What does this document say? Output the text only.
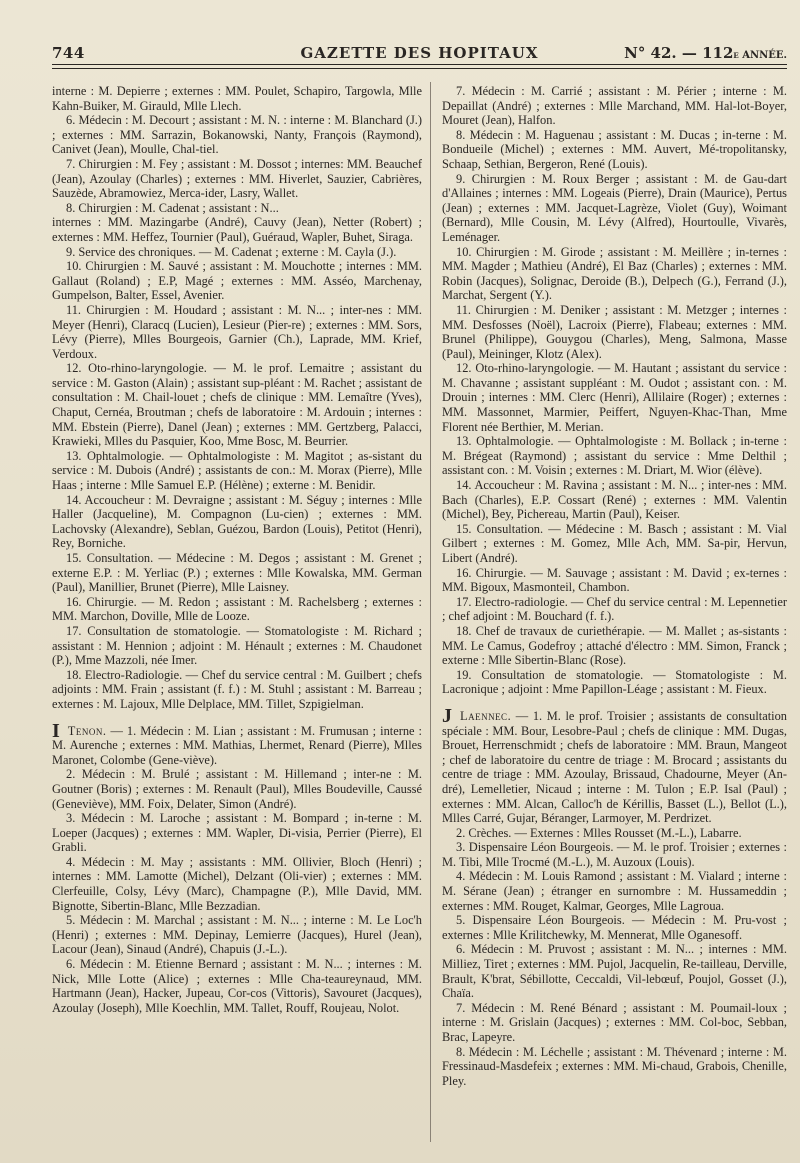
744	GAZETTE DES HOPITAUX	N° 42. — 112e ANNÉE.

interne : M. Depierre ; externes : MM. Poulet, Schapiro, Targowla, Mlle Kahn-Buiker, M. Girauld, Mlle Llech.

6. Médecin : M. Decourt ; assistant : M. N. : interne : M. Blanchard (J.) ; externes : MM. Sarrazin, Bokanowski, Nanty, François (Raymond), Canivet (Jean), Moulle, Chal-tiel.

7. Chirurgien : M. Fey ; assistant : M. Dossot ; internes: MM. Beauchef (Jean), Azoulay (Charles) ; externes : MM. Hiverlet, Sauzier, Cabrières, Sauzède, Abramowiez, Merca-ider, Lasry, Wallet.

8. Chirurgien : M. Cadenat ; assistant : N...

internes : MM. Mazingarbe (André), Cauvy (Jean), Netter (Robert) ; externes : MM. Heffez, Tournier (Paul), Guéraud, Wapler, Buhet, Siraga.

9. Service des chroniques. — M. Cadenat ; externe : M. Cayla (J.).

10. Chirurgien : M. Sauvé ; assistant : M. Mouchotte ; internes : MM. Gallaut (Roland) ; E.P, Magé ; externes : MM. Asséo, Marchenay, Gumpelson, Balter, Essel, Avenier.

11. Chirurgien : M. Houdard ; assistant : M. N... ; inter-nes : MM. Meyer (Henri), Claracq (Lucien), Lesieur (Pier-re) ; externes : MM. Sors, Lévy (Pierre), Mlles Bourgeois, Garnier (Ch.), Laprade, MM. Krief, Verdoux.

12. Oto-rhino-laryngologie. — M. le prof. Lemaitre ; assistant du service : M. Gaston (Alain) ; assistant sup-pléant : M. Rachet ; assistant de consultation : M. Chail-louet ; chefs de clinique : MM. Lemaître (Yves), Chaput, Cernéa, Broutman ; chefs de laboratoire : M. Ardouin ; internes : MM. Ebstein (Pierre), Danel (Jean) ; externes : MM. Gertzberg, Palacci, Krawieki, Mlles du Pasquier, Koo, Mme Bosc, M. Beurrier.

13. Ophtalmologie. — Ophtalmologiste : M. Magitot ; as-sistant du service : M. Dubois (André) ; assistants de con.: M. Morax (Pierre), Mlle Haas ; interne : Mlle Samuel E.P. (Hélène) ; externe : M. Benidir.

14. Accoucheur : M. Devraigne ; assistant : M. Séguy ; internes : Mlle Haller (Jacqueline), M. Compagnon (Lu-cien) ; externes : MM. Lachovsky (Alexandre), Seblan, Guézou, Bardon (Louis), Petitot (Henri), Rey, Borniche.

15. Consultation. — Médecine : M. Degos ; assistant : M. Grenet ; externe E.P. : M. Yerliac (P.) ; externes : Mlle Kowalska, MM. German (Paul), Manillier, Brunet (Pierre), Mlle Laisney.

16. Chirurgie. — M. Redon ; assistant : M. Rachelsberg ; externes : MM. Marchon, Doville, Mlle de Looze.

17. Consultation de stomatologie. — Stomatologiste : M. Richard ; assistant : M. Hennion ; adjoint : M. Hénault ; externes : M. Chaudonet (P.), Mme Mazzoli, née Imer.

18. Electro-Radiologie. — Chef du service central : M. Guilbert ; chefs adjoints : MM. Frain ; assistant (f. f.) : M. Stuhl ; assistant : M. Barreau ; externes : M. Lajoux, Mlle Delplace, MM. Tillet, Szpigielman.

I Tenon. — 1. Médecin : M. Lian ; assistant : M. Frumusan ; interne : M. Aurenche ; externes : MM. Mathias, Lhermet, Renard (Pierre), Mlles Maronet, Colombe (Gene-viève).

2. Médecin : M. Brulé ; assistant : M. Hillemand ; inter-ne : M. Goutner (Boris) ; externes : M. Renault (Paul), Mlles Boudeville, Caussé (Geneviève), MM. Foix, Delater, Simon (André).

3. Médecin : M. Laroche ; assistant : M. Bompard ; in-terne : M. Loeper (Jacques) ; externes : MM. Wapler, Di-visia, Perrier (Pierre), El Grabli.

4. Médecin : M. May ; assistants : MM. Ollivier, Bloch (Henri) ; internes : MM. Lamotte (Michel), Delzant (Oli-vier) ; externes : MM. Clerfeuille, Colsy, Lévy (Marc), Champagne (P.), Mlle David, MM. Bignotte, Sibertin-Blanc, Mlle Bezzadian.

5. Médecin : M. Marchal ; assistant : M. N... ; interne : M. Le Loc'h (Henri) ; externes : MM. Depinay, Lemierre (Jacques), Hurel (Jean), Lacour (Jean), Sinaud (André), Chapuis (J.-L.).

6. Médecin : M. Etienne Bernard ; assistant : M. N... ; internes : M. Nick, Mlle Lotte (Alice) ; externes : Mlle Cha-teaureynaud, MM. Hartmann (Jean), Hacker, Jupeau, Cor-cos (Vittoris), Savouret (Jacques), Azoulay (Joseph), Mlle Koechlin, MM. Tallet, Rouff, Roujeau, Nolot.

7. Médecin : M. Carrié ; assistant : M. Périer ; interne : M. Depaillat (André) ; externes : Mlle Marchand, MM. Hal-lot-Boyer, Mouret (Jean), Halfon.

8. Médecin : M. Haguenau ; assistant : M. Ducas ; in-terne : M. Bondueile (Michel) ; externes : MM. Auvert, Mé-tropolitansky, Schaap, Sethian, Bergeron, René (Louis).

9. Chirurgien : M. Roux Berger ; assistant : M. de Gau-dart d'Allaines ; internes : MM. Logeais (Pierre), Drain (Maurice), Pertus (Jean) ; externes : MM. Jacquet-Lagrèze, Violet (Guy), Woimant (Bernard), Mlle Cousin, M. Lévy (Alfred), Hourtoulle, Vivarès, Leménager.

10. Chirurgien : M. Girode ; assistant : M. Meillère ; in-ternes : MM. Magder ; Mathieu (André), El Baz (Charles) ; externes : MM. Robin (Jacques), Solignac, Deroide (B.), Delpech (G.), Ferrand (J.), Marchat, Sergent (Y.).

11. Chirurgien : M. Deniker ; assistant : M. Metzger ; internes : MM. Desfosses (Noël), Lacroix (Pierre), Flabeau; externes : MM. Brunel (Philippe), Gouygou (Charles), Meng, Salmona, Masse (Paul), Meininger, Klotz (Alex).

12. Oto-rhino-laryngologie. — M. Hautant ; assistant du service : M. Chavanne ; assistant suppléant : M. Oudot ; assistant con. : M. Drouin ; internes : MM. Clerc (Henri), Allilaire (Roger) ; externes : MM. Massonnet, Marmier, Peiffert, Nguyen-Khac-Than, Mme Florent née Berthier, M. Merian.

13. Ophtalmologie. — Ophtalmologiste : M. Bollack ; in-terne : M. Brégeat (Raymond) ; assistant du service : Mme Delthil ; assistant con. : M. Voisin ; externes : M. Driart, M. Wior (élève).

14. Accoucheur : M. Ravina ; assistant : M. N... ; inter-nes : MM. Bach (Charles), E.P. Cossart (René) ; externes : MM. Valentin (Michel), Bey, Pichereau, Martin (Paul), Keiser.

15. Consultation. — Médecine : M. Basch ; assistant : M. Vial Gilbert ; externes : M. Gomez, Mlle Ach, MM. Sa-pir, Hervun, Libert (André).

16. Chirurgie. — M. Sauvage ; assistant : M. David ; ex-ternes : MM. Bigoux, Masmonteil, Chambon.

17. Electro-radiologie. — Chef du service central : M. Lepennetier ; chef adjoint : M. Bouchard (f. f.).

18. Chef de travaux de curiethérapie. — M. Mallet ; as-sistants : MM. Le Camus, Godefroy ; attaché d'électro : MM. Simon, Franck ; externe : Mlle Sibertin-Blanc (Rose).

19. Consultation de stomatologie. — Stomatologiste : M. Lacronique ; adjoint : Mme Papillon-Léage ; assistant : M. Fieux.

J Laennec. — 1. M. le prof. Troisier ; assistants de consultation spéciale : MM. Bour, Lesobre-Paul ; chefs de clinique : MM. Dugas, Brouet, Herrenschmidt ; chefs de laboratoire : MM. Braun, Mangeot ; chef de laboratoire du centre de triage : M. Brocard ; assistants du centre de triage : MM. Azoulay, Brissaud, Chadourne, Meyer (An-dré), Lemelletier, Nicaud ; interne : M. Tulon ; E.P. Isal (Paul) ; externes : MM. Alcan, Calloc'h de Kérillis, Basset (L.), Bellot (L.), Mlles Carré, Gujar, Béranger, Larmoyer, M. Perdrizet.

2. Crèches. — Externes : Mlles Rousset (M.-L.), Labarre.

3. Dispensaire Léon Bourgeois. — M. le prof. Troisier ; externes : M. Tibi, Mlle Trocmé (M.-L.), M. Auzoux (Louis).

4. Médecin : M. Louis Ramond ; assistant : M. Vialard ; interne : M. Sérane (Jean) ; étranger en surnombre : M. Hussameddin ; externes : MM. Rouget, Kalmar, Georges, Mlle Lagroua.

5. Dispensaire Léon Bourgeois. — Médecin : M. Pru-vost ; externes : Mlle Krilitchewky, M. Mennerat, Mlle Oganesoff.

6. Médecin : M. Pruvost ; assistant : M. N... ; internes : MM. Milliez, Tiret ; externes : MM. Pujol, Jacquelin, Re-tailleau, Derville, Brault, K'brat, Sébillotte, Ceccaldi, Vil-lebœuf, Poujol, Gosset (J.), Chaïa.

7. Médecin : M. René Bénard ; assistant : M. Poumail-loux ; interne : M. Grislain (Jacques) ; externes : MM. Col-boc, Sebban, Brac, Lapeyre.

8. Médecin : M. Léchelle ; assistant : M. Thévenard ; interne : M. Fressinaud-Masdefeix ; externes : MM. Mi-chaud, Grabois, Chenille, Pley.
